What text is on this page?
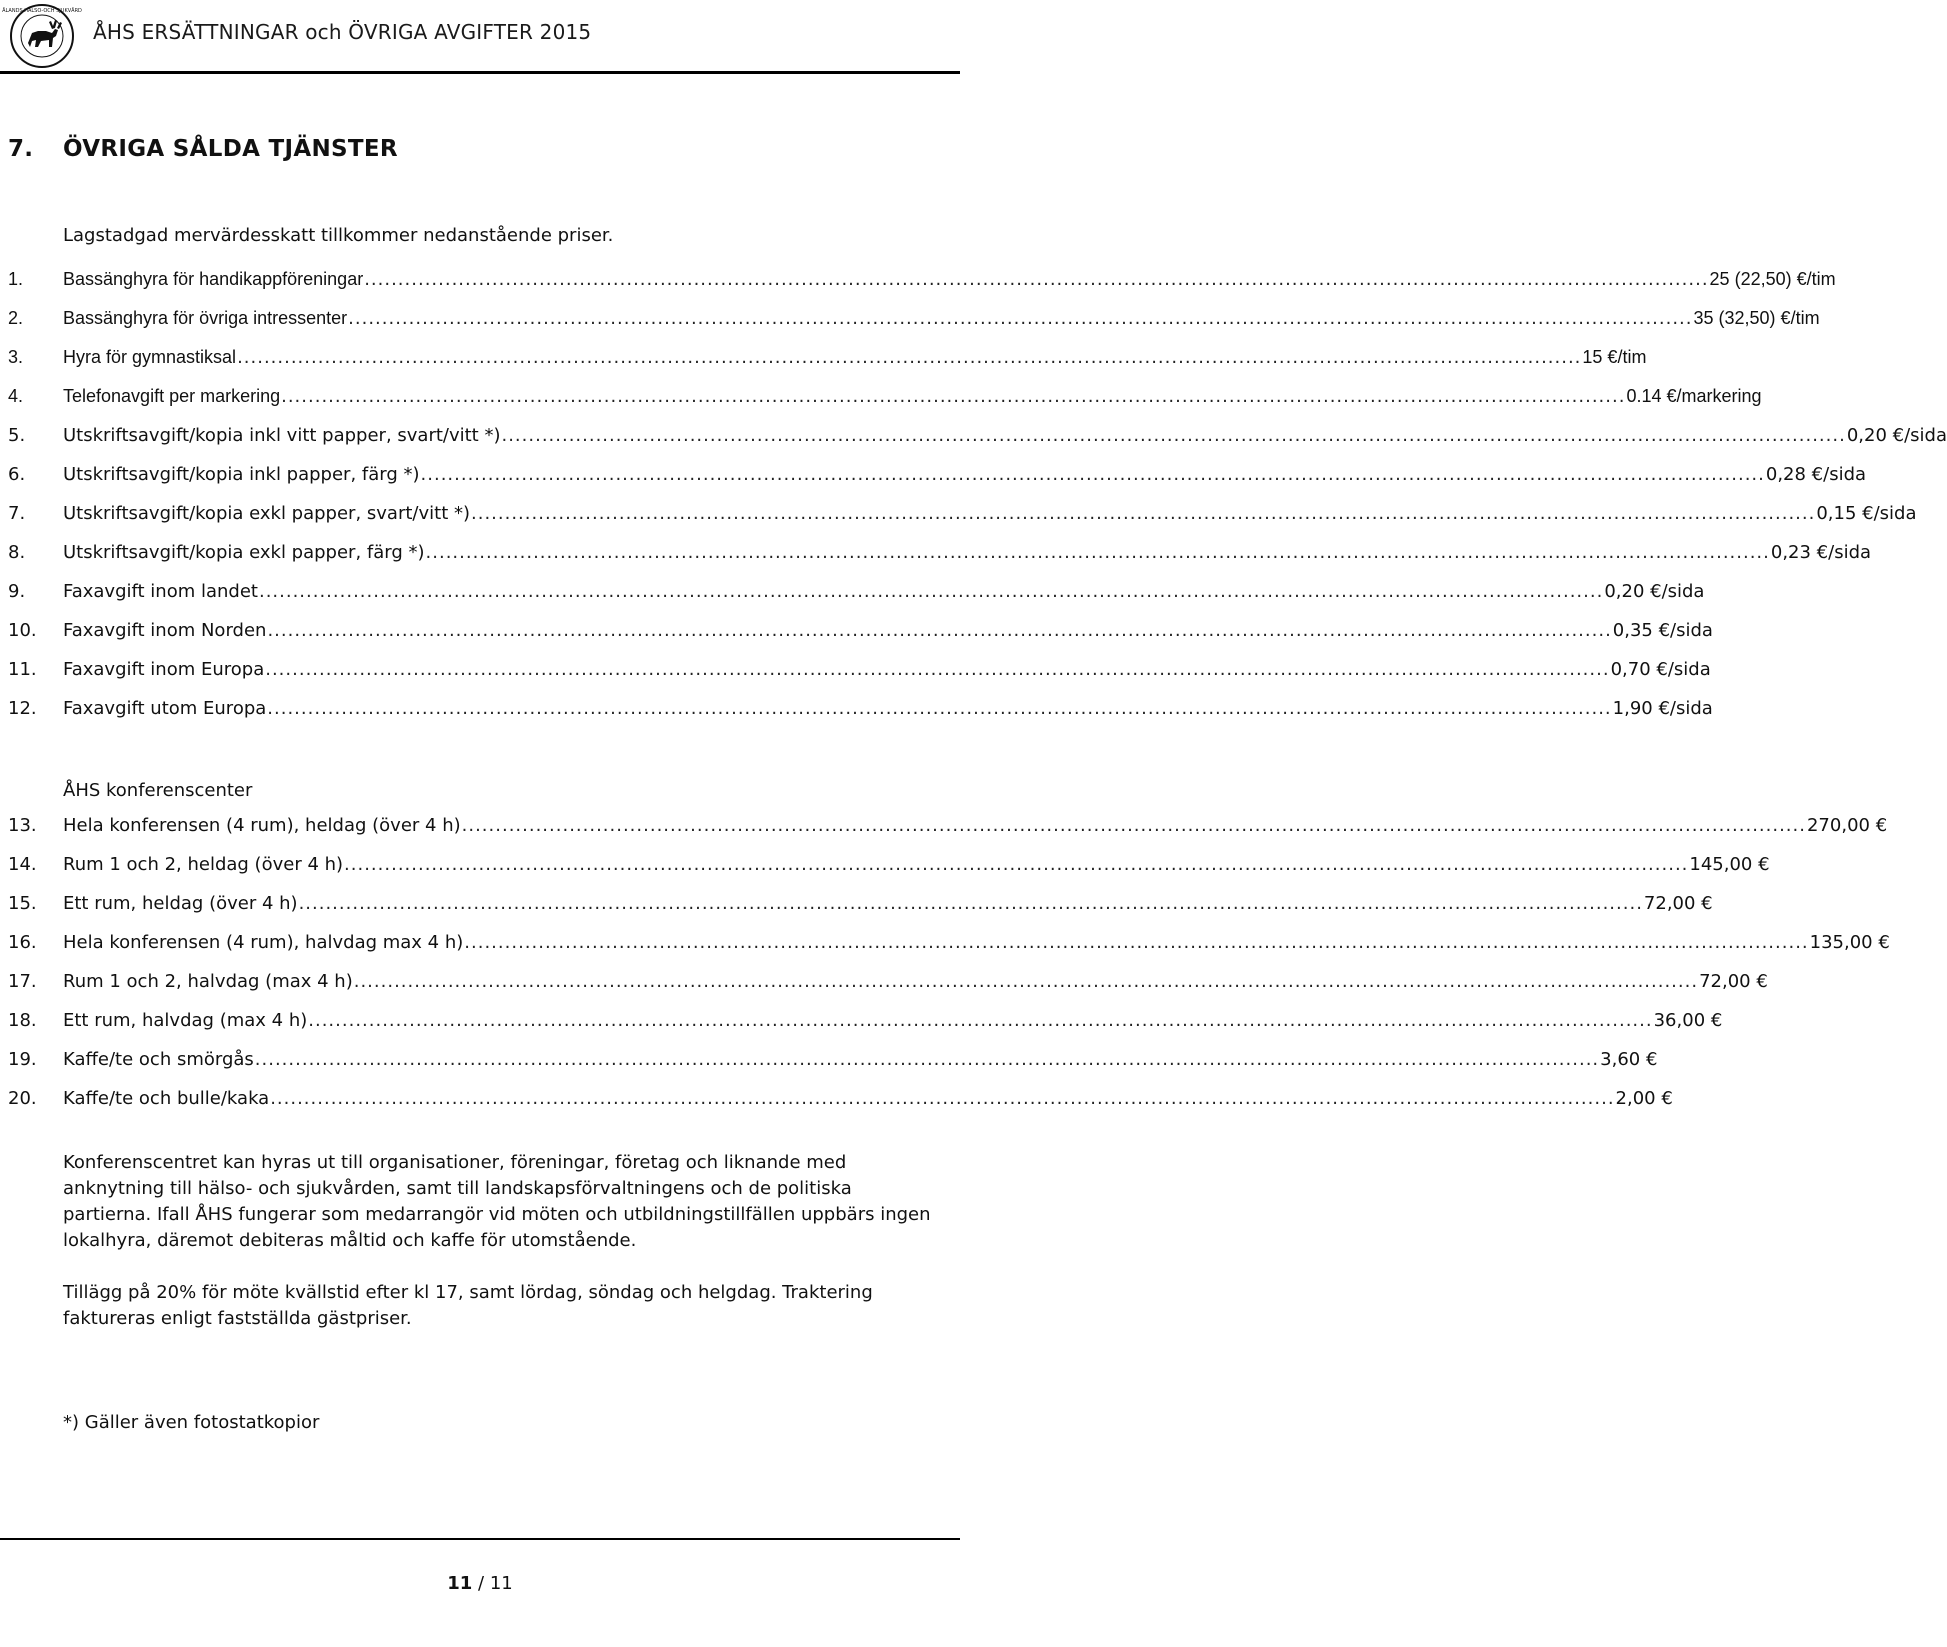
ÅLANDS HÄLSO-OCH SJUKVÅRD
ÅHS ERSÄTTNINGAR och ÖVRIGA AVGIFTER 2015
7. ÖVRIGA SÅLDA TJÄNSTER
Lagstadgad mervärdesskatt tillkommer nedanstående priser.
1.	Bassänghyra för handikappföreningar ........................................................................................................................................................................................................ 25 (22,50) €/tim
2.	Bassänghyra för övriga intressenter ........................................................................................................................................................................................................ 35 (32,50) €/tim
3.	Hyra för gymnastiksal ........................................................................................................................................................................................................ 15 €/tim
4.	Telefonavgift per markering ........................................................................................................................................................................................................ 0.14 €/markering
5.	Utskriftsavgift/kopia inkl vitt papper, svart/vitt *) ........................................................................................................................................................................................................ 0,20 €/sida
6.	Utskriftsavgift/kopia inkl papper, färg *) ........................................................................................................................................................................................................ 0,28 €/sida
7.	Utskriftsavgift/kopia exkl papper, svart/vitt *) ........................................................................................................................................................................................................ 0,15 €/sida
8.	Utskriftsavgift/kopia exkl papper, färg *) ........................................................................................................................................................................................................ 0,23 €/sida
9.	Faxavgift inom landet ........................................................................................................................................................................................................ 0,20 €/sida
10.	Faxavgift inom Norden ........................................................................................................................................................................................................ 0,35 €/sida
11.	Faxavgift inom Europa ........................................................................................................................................................................................................ 0,70 €/sida
12.	Faxavgift utom Europa ........................................................................................................................................................................................................ 1,90 €/sida
13.	Hela konferensen (4 rum), heldag (över 4 h) ........................................................................................................................................................................................................ 270,00 €
14.	Rum 1 och 2, heldag (över 4 h) ........................................................................................................................................................................................................ 145,00 €
15.	Ett rum, heldag (över 4 h) ........................................................................................................................................................................................................ 72,00 €
16.	Hela konferensen (4 rum), halvdag max 4 h) ........................................................................................................................................................................................................ 135,00 €
17.	Rum 1 och 2, halvdag (max 4 h) ........................................................................................................................................................................................................ 72,00 €
18.	Ett rum, halvdag (max 4 h) ........................................................................................................................................................................................................ 36,00 €
19.	Kaffe/te och smörgås ........................................................................................................................................................................................................ 3,60 €
20.	Kaffe/te och bulle/kaka ........................................................................................................................................................................................................ 2,00 €
ÅHS konferenscenter

Konferenscentret kan hyras ut till organisationer, föreningar, företag och liknande med anknytning till hälso- och sjukvården, samt till landskapsförvaltningens och de politiska partierna. Ifall ÅHS fungerar som medarrangör vid möten och utbildningstillfällen uppbärs ingen lokalhyra, däremot debiteras måltid och kaffe för utomstående.

Tillägg på 20% för möte kvällstid efter kl 17, samt lördag, söndag och helgdag. Traktering faktureras enligt fastställda gästpriser.

*) Gäller även fotostatkopior

11 / 11
